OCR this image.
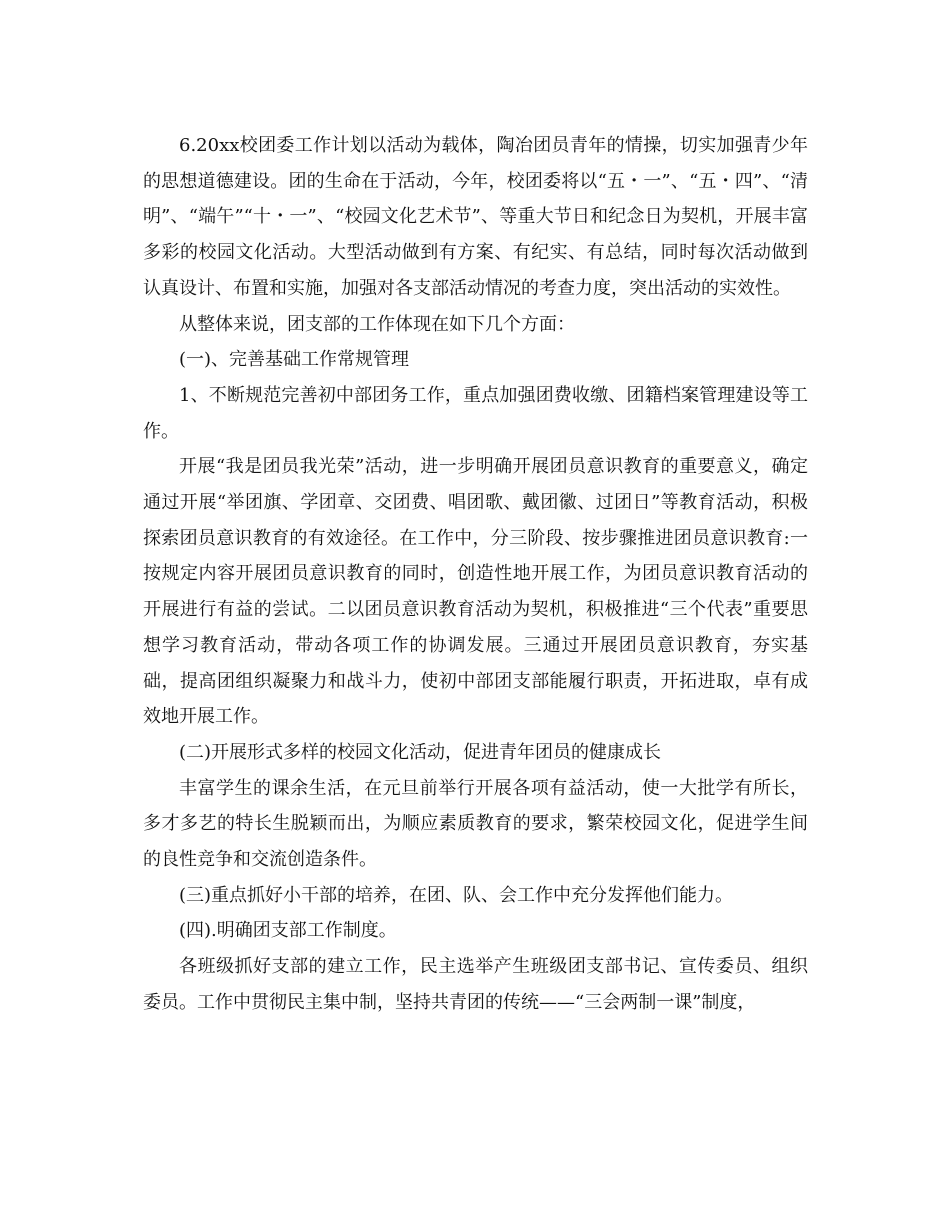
6.20xx校团委工作计划以活动为载体，陶冶团员青年的情操，切实加强青少年的思想道德建设。团的生命在于活动，今年，校团委将以“五・一”、“五・四”、“清明”、“端午”“十・一”、“校园文化艺术节”、等重大节日和纪念日为契机，开展丰富多彩的校园文化活动。大型活动做到有方案、有纪实、有总结，同时每次活动做到认真设计、布置和实施，加强对各支部活动情况的考查力度，突出活动的实效性。

从整体来说，团支部的工作体现在如下几个方面：

(一)、完善基础工作常规管理

1、不断规范完善初中部团务工作，重点加强团费收缴、团籍档案管理建设等工作。

开展“我是团员我光荣”活动，进一步明确开展团员意识教育的重要意义，确定通过开展“举团旗、学团章、交团费、唱团歌、戴团徽、过团日”等教育活动，积极探索团员意识教育的有效途径。在工作中，分三阶段、按步骤推进团员意识教育:一按规定内容开展团员意识教育的同时，创造性地开展工作，为团员意识教育活动的开展进行有益的尝试。二以团员意识教育活动为契机，积极推进“三个代表”重要思想学习教育活动，带动各项工作的协调发展。三通过开展团员意识教育，夯实基础，提高团组织凝聚力和战斗力，使初中部团支部能履行职责，开拓进取，卓有成效地开展工作。

(二)开展形式多样的校园文化活动，促进青年团员的健康成长

丰富学生的课余生活，在元旦前举行开展各项有益活动，使一大批学有所长，多才多艺的特长生脱颖而出，为顺应素质教育的要求，繁荣校园文化，促进学生间的良性竞争和交流创造条件。

(三)重点抓好小干部的培养，在团、队、会工作中充分发挥他们能力。

(四).明确团支部工作制度。

各班级抓好支部的建立工作，民主选举产生班级团支部书记、宣传委员、组织委员。工作中贯彻民主集中制，坚持共青团的传统——“三会两制一课”制度，
